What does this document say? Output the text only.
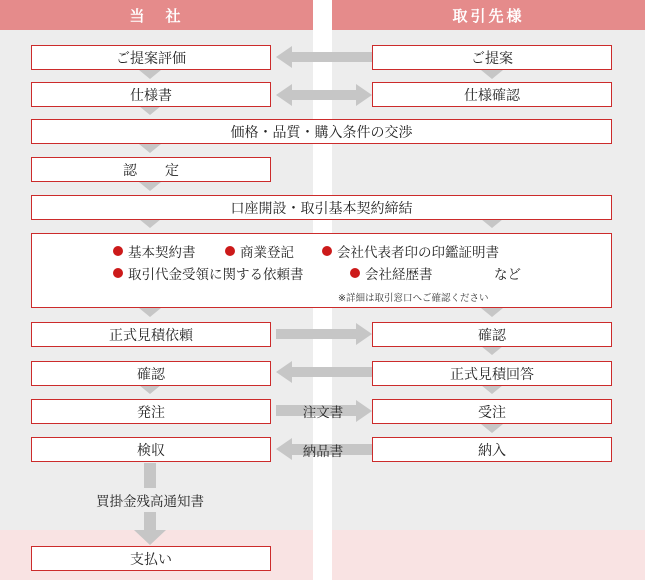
当　社	取引先様
ご提案評価
仕様書
認定
正式見積依頼
確認
発注
検収
支払い
ご提案
仕様確認
確認
正式見積回答
受注
納入
価格・品質・購入条件の交渉
口座開設・取引基本契約締結
基本契約書	商業登記	会社代表者印の印鑑証明書
取引代金受領に関する依頼書	会社経歴書	など
※詳細は取引窓口へご確認ください
注文書
納品書
買掛金残高通知書
